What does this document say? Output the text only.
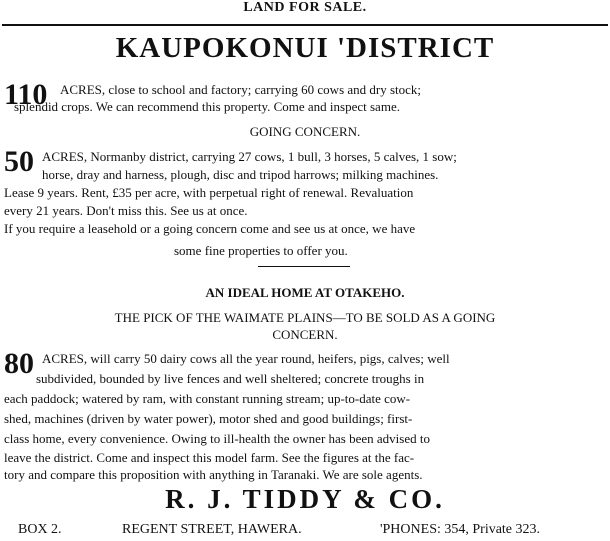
LAND FOR SALE.
KAUPOKONUI 'DISTRICT
110 ACRES, close to school and factory; carrying 60 cows and dry stock;
splendid crops. We can recommend this property. Come and inspect same.
GOING CONCERN.
50 ACRES, Normanby district, carrying 27 cows, 1 bull, 3 horses, 5 calves, 1 sow;
horse, dray and harness, plough, disc and tripod harrows; milking machines.
Lease 9 years. Rent, £35 per acre, with perpetual right of renewal. Revaluation
every 21 years. Don't miss this. See us at once.
If you require a leasehold or a going concern come and see us at once, we have
some fine properties to offer you.
AN IDEAL HOME AT OTAKEHO.
THE PICK OF THE WAIMATE PLAINS—TO BE SOLD AS A GOING
CONCERN.
80 ACRES, will carry 50 dairy cows all the year round, heifers, pigs, calves; well
subdivided, bounded by live fences and well sheltered; concrete troughs in
each paddock; watered by ram, with constant running stream; up-to-date cow-
shed, machines (driven by water power), motor shed and good buildings; first-
class home, every convenience. Owing to ill-health the owner has been advised to
leave the district. Come and inspect this model farm. See the figures at the fac-
tory and compare this proposition with anything in Taranaki. We are sole agents.
R. J. TIDDY & CO.
BOX 2.	REGENT STREET, HAWERA.	'PHONES: 354, Private 323.
